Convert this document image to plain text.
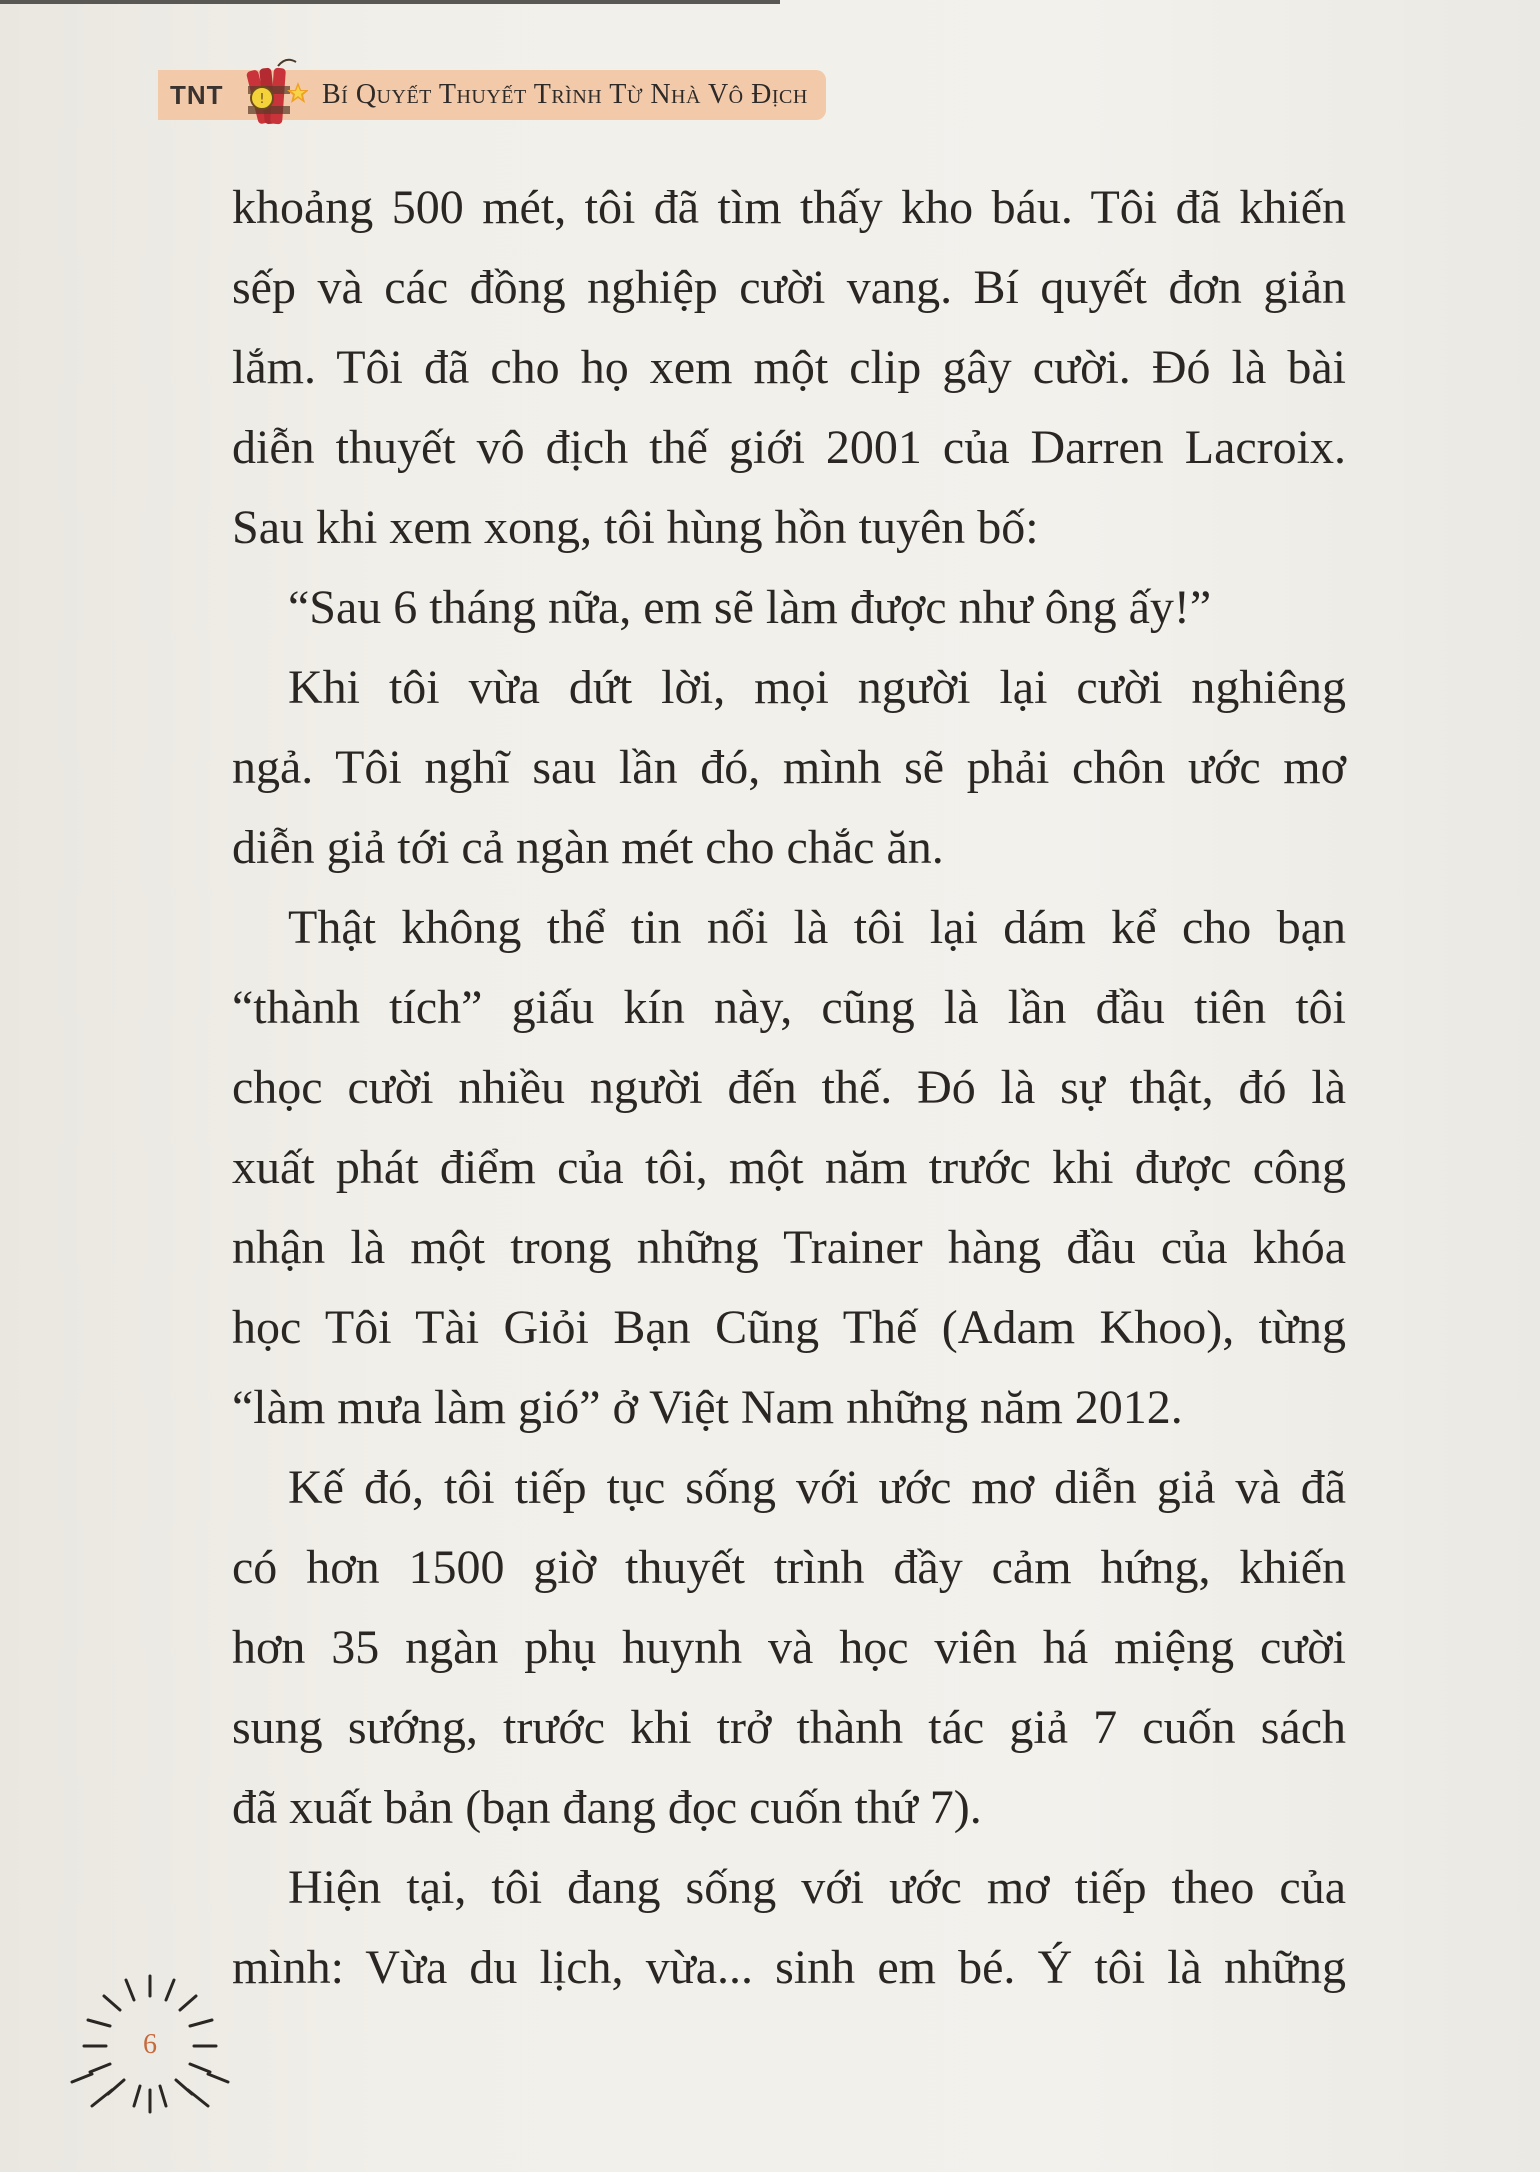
TNT	! Bí Quyết Thuyết Trình Từ Nhà Vô Địch
khoảng 500 mét, tôi đã tìm thấy kho báu. Tôi đã khiến
sếp và các đồng nghiệp cười vang. Bí quyết đơn giản
lắm. Tôi đã cho họ xem một clip gây cười. Đó là bài
diễn thuyết vô địch thế giới 2001 của Darren Lacroix.
Sau khi xem xong, tôi hùng hồn tuyên bố:
“Sau 6 tháng nữa, em sẽ làm được như ông ấy!”
Khi tôi vừa dứt lời, mọi người lại cười nghiêng
ngả. Tôi nghĩ sau lần đó, mình sẽ phải chôn ước mơ
diễn giả tới cả ngàn mét cho chắc ăn.
Thật không thể tin nổi là tôi lại dám kể cho bạn
“thành tích” giấu kín này, cũng là lần đầu tiên tôi
chọc cười nhiều người đến thế. Đó là sự thật, đó là
xuất phát điểm của tôi, một năm trước khi được công
nhận là một trong những Trainer hàng đầu của khóa
học Tôi Tài Giỏi Bạn Cũng Thế (Adam Khoo), từng
“làm mưa làm gió” ở Việt Nam những năm 2012.
Kế đó, tôi tiếp tục sống với ước mơ diễn giả và đã
có hơn 1500 giờ thuyết trình đầy cảm hứng, khiến
hơn 35 ngàn phụ huynh và học viên há miệng cười
sung sướng, trước khi trở thành tác giả 7 cuốn sách
đã xuất bản (bạn đang đọc cuốn thứ 7).
Hiện tại, tôi đang sống với ước mơ tiếp theo của
mình: Vừa du lịch, vừa... sinh em bé. Ý tôi là những
6
